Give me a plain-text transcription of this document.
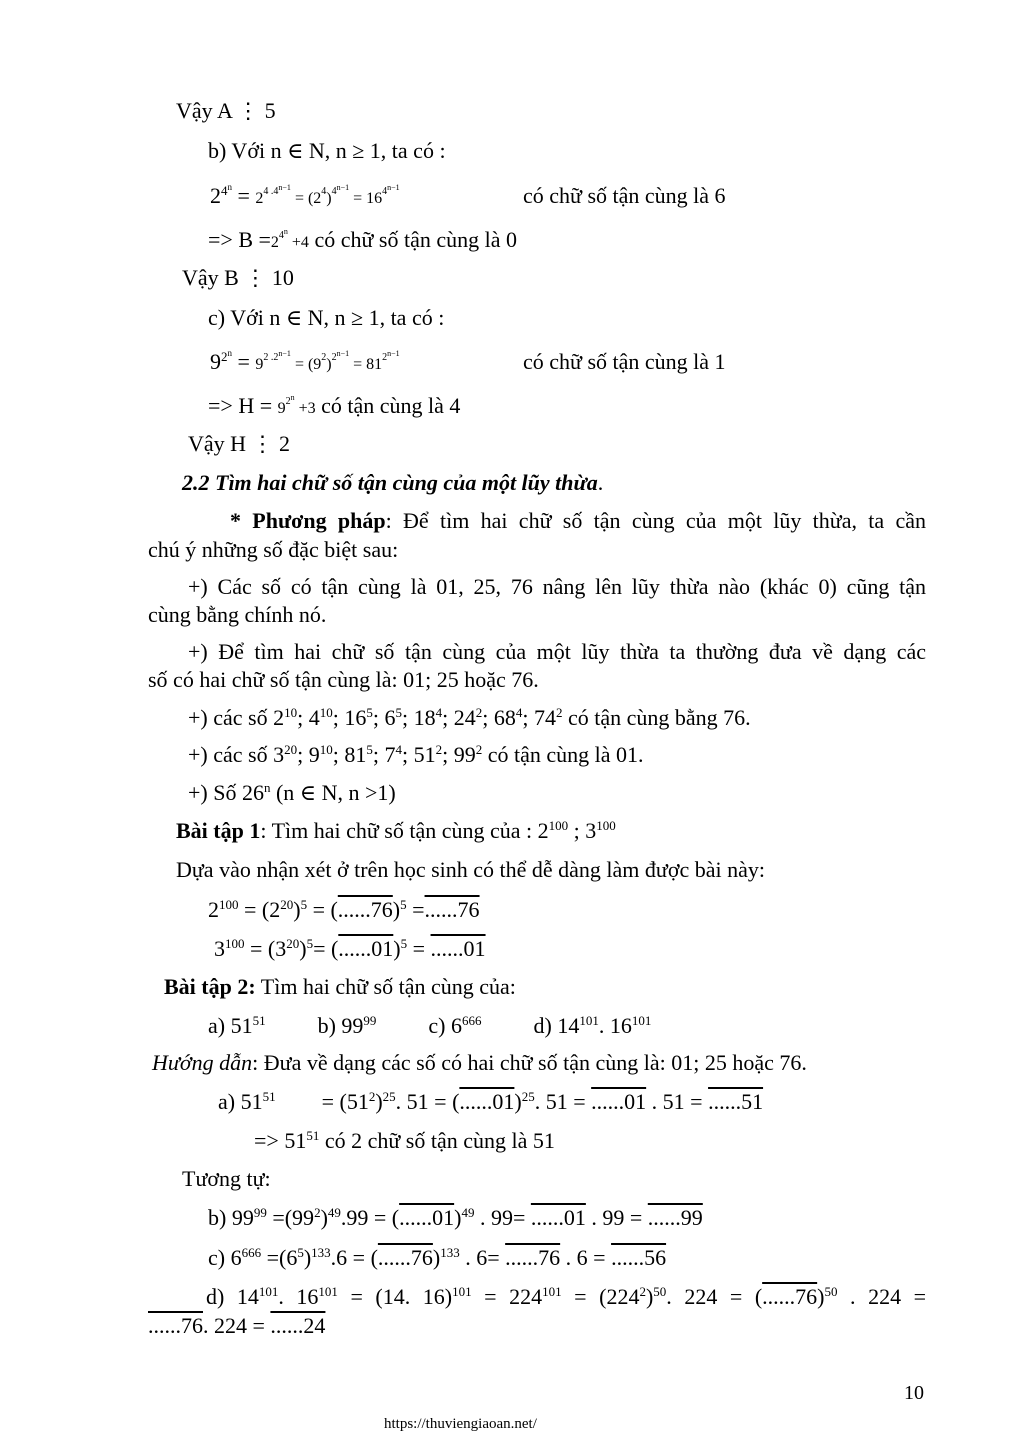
Vậy A ⋮ 5
b) Với n ∈ N, n ≥ 1, ta có :
$2^{4^n} = 2^{4 .4^{n-1}} = (2^4)^{4^{n-1}} = 16^{4^{n-1}}$	có chữ số tận cùng là 6
=> $B =2^{4^n} +4$ có chữ số tận cùng là 0
Vậy B ⋮ 10
c) Với n ∈ N, n ≥ 1, ta có :
$9^{2^n} = 9^{2 .2^{n-1}} = (9^2)^{2^{n-1}} = 81^{2^{n-1}}$	có chữ số tận cùng là 1
=> $H = 9^{2^n} +3$ có tận cùng là 4
Vậy H ⋮ 2
2.2 Tìm hai chữ số tận cùng của một lũy thừa.
* Phương pháp: Để tìm hai chữ số tận cùng của một lũy thừa, ta cần
chú ý những số đặc biệt sau:
+) Các số có tận cùng là 01, 25, 76 nâng lên lũy thừa nào (khác 0) cũng tận
cùng bằng chính nó.
+) Để tìm hai chữ số tận cùng của một lũy thừa ta thường đưa về dạng các
số có hai chữ số tận cùng là: 01; 25 hoặc 76.
+) các số $2^{10}$; $4^{10}$; $16^5$; $6^5$; $18^4$; $24^2$; $68^4$; $74^2$ có tận cùng bằng 76.
+) các số $3^{20}$; $9^{10}$; $81^5$; $7^4$; $51^2$; $99^2$ có tận cùng là 01.
+) Số 26$^n$ (n ∈ N, n >1)
Bài tập 1: Tìm hai chữ số tận cùng của : $2^{100}$ ; $3^{100}$
Dựa vào nhận xét ở trên học sinh có thể dễ dàng làm được bài này:
$2^{100} = (2^{20})^5 = (......76)^5 =......76$
$3^{100} = (3^{20})^5= (......01)^5 = ......01$
Bài tập 2: Tìm hai chữ số tận cùng của:
a) $51^{51}$ b) $99^{99}$ c) $6^{666}$ d) $14^{101}$. $16^{101}$
Hướng dẫn: Đưa về dạng các số có hai chữ số tận cùng là: 01; 25 hoặc 76.
a) $51^{51} = (51^2)^{25}$. $51 = (......01)^{25}$. 51 = ......01 . 51 = ......51
=> $51^{51}$ có 2 chữ số tận cùng là 51
Tương tự:
b) $99^{99} =(99^2)^{49}.99 = (......01)^{49}$ . 99= ......01 . 99 = ......99
c) $6^{666} =(6^5)^{133}.6 = (......76)^{133}$ . 6= ......76 . 6 = ......56
d) $14^{101}$. $16^{101} = (14$. $16)^{101} = 224^{101} = (224^2)^{50}$. $224 = (......76)^{50}$ . 224 =
......76. 224 = ......24
10
https://thuviengiaoan.net/
